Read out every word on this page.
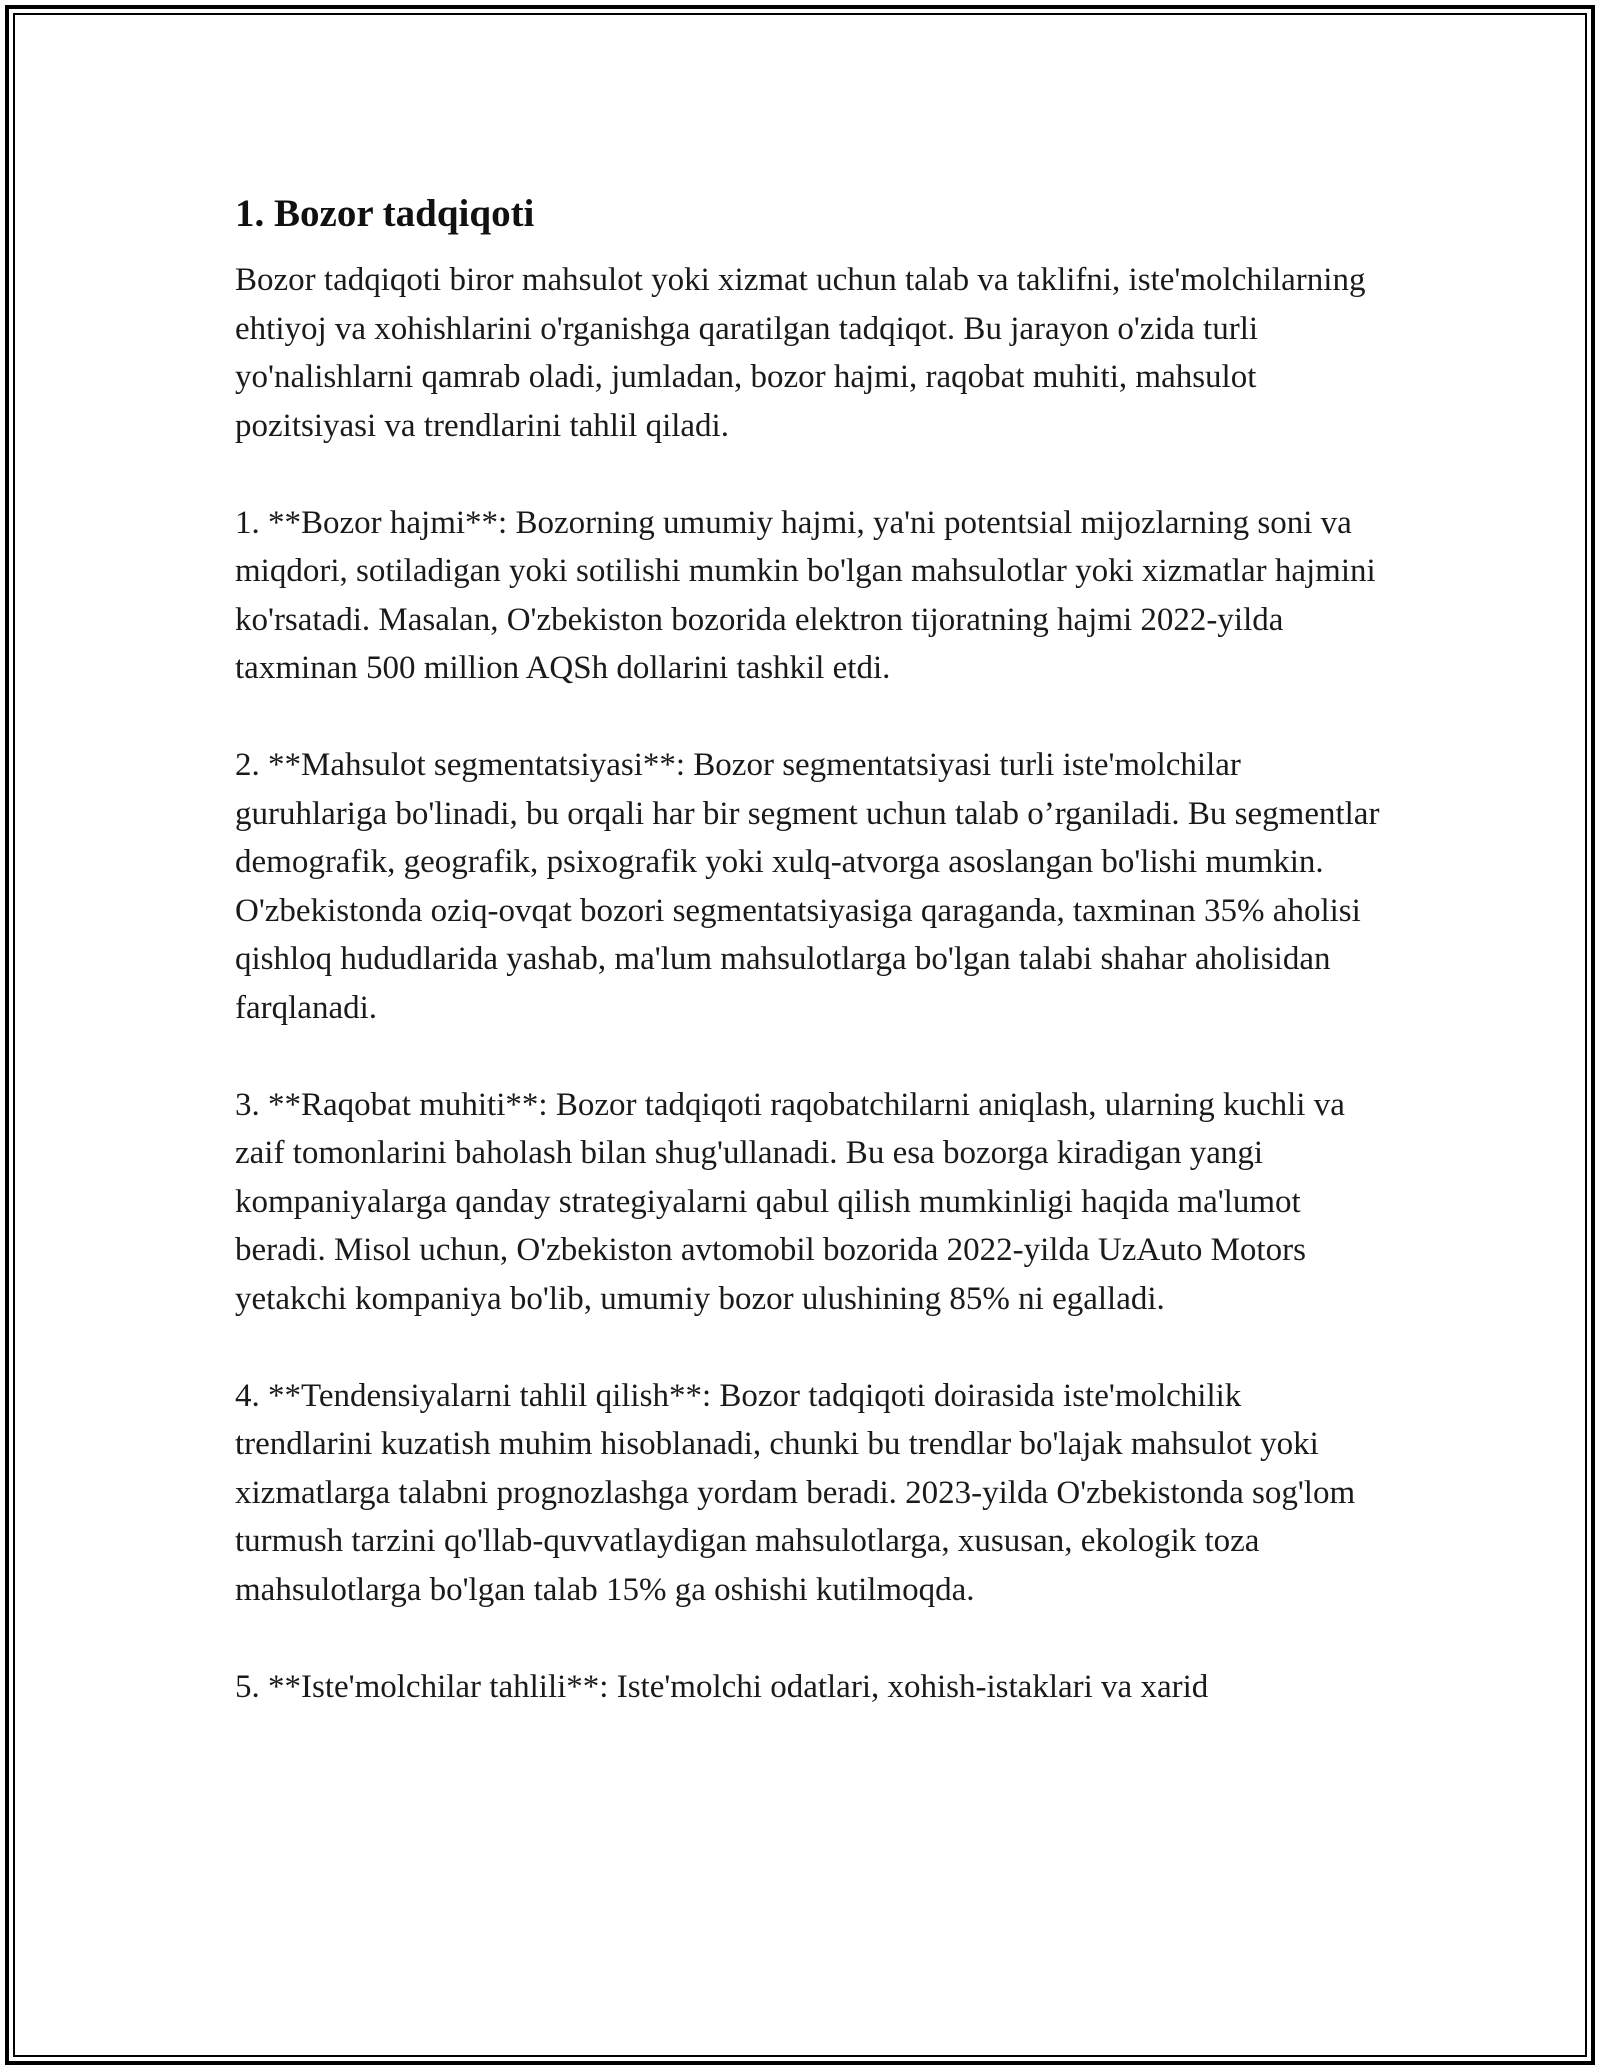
1. Bozor tadqiqoti

Bozor tadqiqoti biror mahsulot yoki xizmat uchun talab va taklifni, iste'molchilarning ehtiyoj va xohishlarini o'rganishga qaratilgan tadqiqot. Bu jarayon o'zida turli yo'nalishlarni qamrab oladi, jumladan, bozor hajmi, raqobat muhiti, mahsulot pozitsiyasi va trendlarini tahlil qiladi.

1. **Bozor hajmi**: Bozorning umumiy hajmi, ya'ni potentsial mijozlarning soni va miqdori, sotiladigan yoki sotilishi mumkin bo'lgan mahsulotlar yoki xizmatlar hajmini ko'rsatadi. Masalan, O'zbekiston bozorida elektron tijoratning hajmi 2022-yilda taxminan 500 million AQSh dollarini tashkil etdi.

2. **Mahsulot segmentatsiyasi**: Bozor segmentatsiyasi turli iste'molchilar guruhlariga bo'linadi, bu orqali har bir segment uchun talab o’rganiladi. Bu segmentlar demografik, geografik, psixografik yoki xulq-atvorga asoslangan bo'lishi mumkin. O'zbekistonda oziq-ovqat bozori segmentatsiyasiga qaraganda, taxminan 35% aholisi qishloq hududlarida yashab, ma'lum mahsulotlarga bo'lgan talabi shahar aholisidan farqlanadi.

3. **Raqobat muhiti**: Bozor tadqiqoti raqobatchilarni aniqlash, ularning kuchli va zaif tomonlarini baholash bilan shug'ullanadi. Bu esa bozorga kiradigan yangi kompaniyalarga qanday strategiyalarni qabul qilish mumkinligi haqida ma'lumot beradi. Misol uchun, O'zbekiston avtomobil bozorida 2022-yilda UzAuto Motors yetakchi kompaniya bo'lib, umumiy bozor ulushining 85% ni egalladi.

4. **Tendensiyalarni tahlil qilish**: Bozor tadqiqoti doirasida iste'molchilik trendlarini kuzatish muhim hisoblanadi, chunki bu trendlar bo'lajak mahsulot yoki xizmatlarga talabni prognozlashga yordam beradi. 2023-yilda O'zbekistonda sog'lom turmush tarzini qo'llab-quvvatlaydigan mahsulotlarga, xususan, ekologik toza mahsulotlarga bo'lgan talab 15% ga oshishi kutilmoqda.

5. **Iste'molchilar tahlili**: Iste'molchi odatlari, xohish-istaklari va xarid
